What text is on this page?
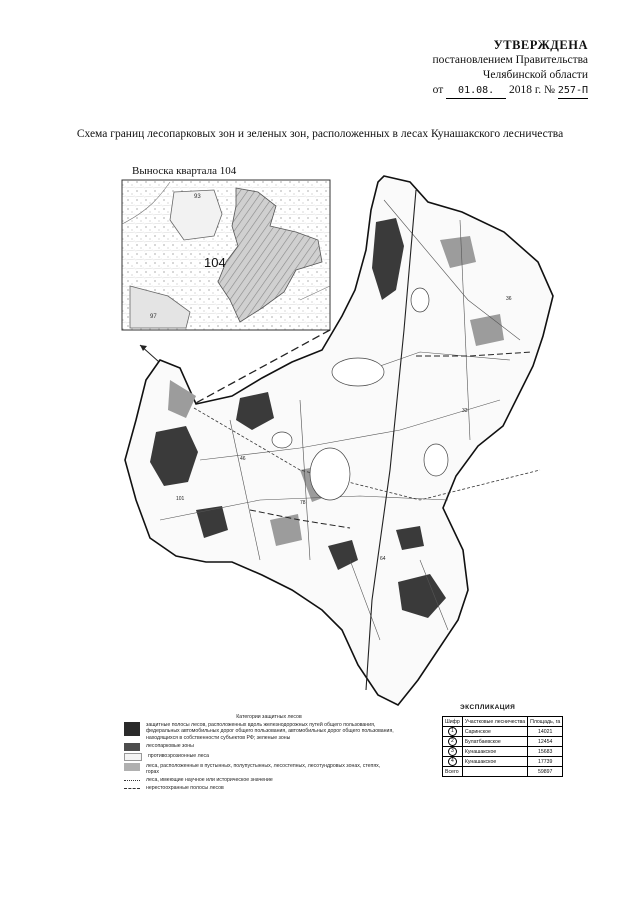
УТВЕРЖДЕНА
постановлением Правительства
Челябинской области
от 01.08. 2018 г. № 257-П
Схема границ лесопарковых зон и зеленых зон, расположенных в лесах Кунашакского лесничества
Выноска квартала 104
104
93
97
33
36
78
46
64
101
Категории защитных лесов
защитные полосы лесов, расположенных вдоль железнодорожных путей общего пользования, федеральных автомобильных дорог общего пользования, автомобильных дорог общего пользования, находящихся в собственности субъектов РФ; зеленые зоны
лесопарковые зоны
противоэрозионные леса
леса, расположенные в пустынных, полупустынных, лесостепных, лесотундровых зонах, степях, горах
леса, имеющие научное или историческое значение
нерестоохранные полосы лесов
ЭКСПЛИКАЦИЯ
Шифр	Участковые лесничества	Площадь, га
1	Саринское	14021
2	Булатбаевское	12454
3	Кунашакское	15683
4	Кунашакское	17739
Всего		59897
